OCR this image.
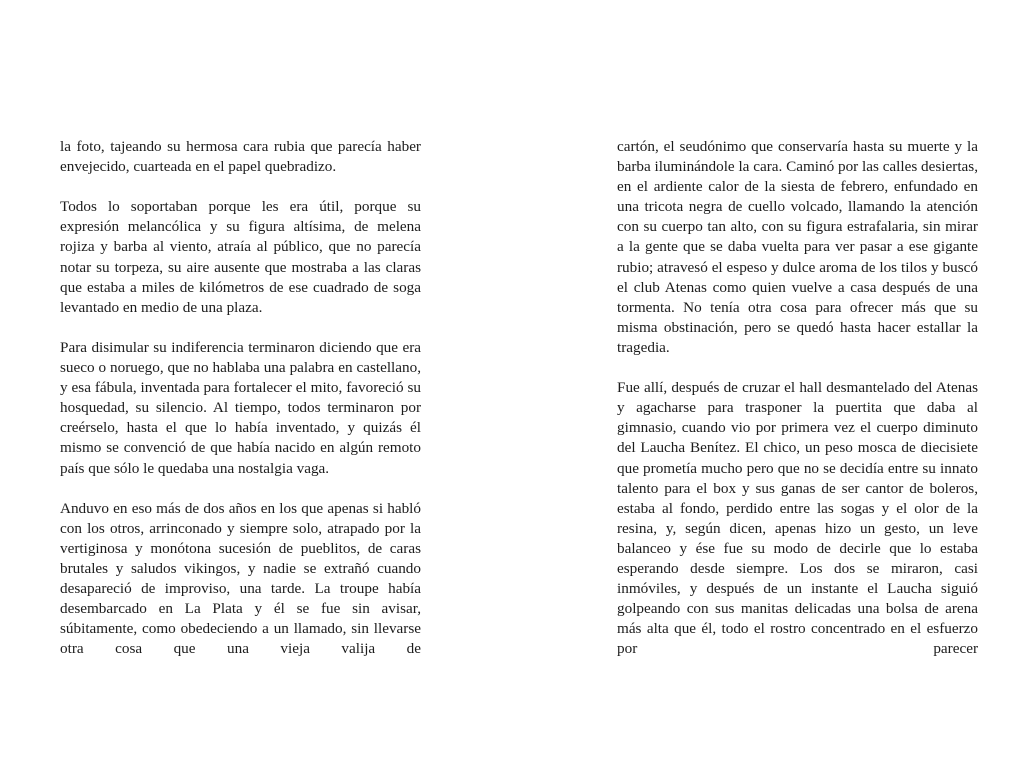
la foto, tajeando su hermosa cara rubia que parecía haber envejecido, cuarteada en el papel quebradizo.

Todos lo soportaban porque les era útil, porque su expresión melancólica y su figura altísima, de melena rojiza y barba al viento, atraía al público, que no parecía notar su torpeza, su aire ausente que mostraba a las claras que estaba a miles de kilómetros de ese cuadrado de soga levantado en medio de una plaza.

Para disimular su indiferencia terminaron diciendo que era sueco o noruego, que no hablaba una palabra en castellano, y esa fábula, inventada para fortalecer el mito, favoreció su hosquedad, su silencio. Al tiempo, todos terminaron por creérselo, hasta el que lo había inventado, y quizás él mismo se convenció de que había nacido en algún remoto país que sólo le quedaba una nostalgia vaga.

Anduvo en eso más de dos años en los que apenas si habló con los otros, arrinconado y siempre solo, atrapado por la vertiginosa y monótona sucesión de pueblitos, de caras brutales y saludos vikingos, y nadie se extrañó cuando desapareció de improviso, una tarde. La troupe había desembarcado en La Plata y él se fue sin avisar, súbitamente, como obedeciendo a un llamado, sin llevarse otra cosa que una vieja valija de

cartón, el seudónimo que conservaría hasta su muerte y la barba iluminándole la cara. Caminó por las calles desiertas, en el ardiente calor de la siesta de febrero, enfundado en una tricota negra de cuello volcado, llamando la atención con su cuerpo tan alto, con su figura estrafalaria, sin mirar a la gente que se daba vuelta para ver pasar a ese gigante rubio; atravesó el espeso y dulce aroma de los tilos y buscó el club Atenas como quien vuelve a casa después de una tormenta. No tenía otra cosa para ofrecer más que su misma obstinación, pero se quedó hasta hacer estallar la tragedia.

Fue allí, después de cruzar el hall desmantelado del Atenas y agacharse para trasponer la puertita que daba al gimnasio, cuando vio por primera vez el cuerpo diminuto del Laucha Benítez. El chico, un peso mosca de diecisiete que prometía mucho pero que no se decidía entre su innato talento para el box y sus ganas de ser cantor de boleros, estaba al fondo, perdido entre las sogas y el olor de la resina, y, según dicen, apenas hizo un gesto, un leve balanceo y ése fue su modo de decirle que lo estaba esperando desde siempre. Los dos se miraron, casi inmóviles, y después de un instante el Laucha siguió golpeando con sus manitas delicadas una bolsa de arena más alta que él, todo el rostro concentrado en el esfuerzo por parecer
